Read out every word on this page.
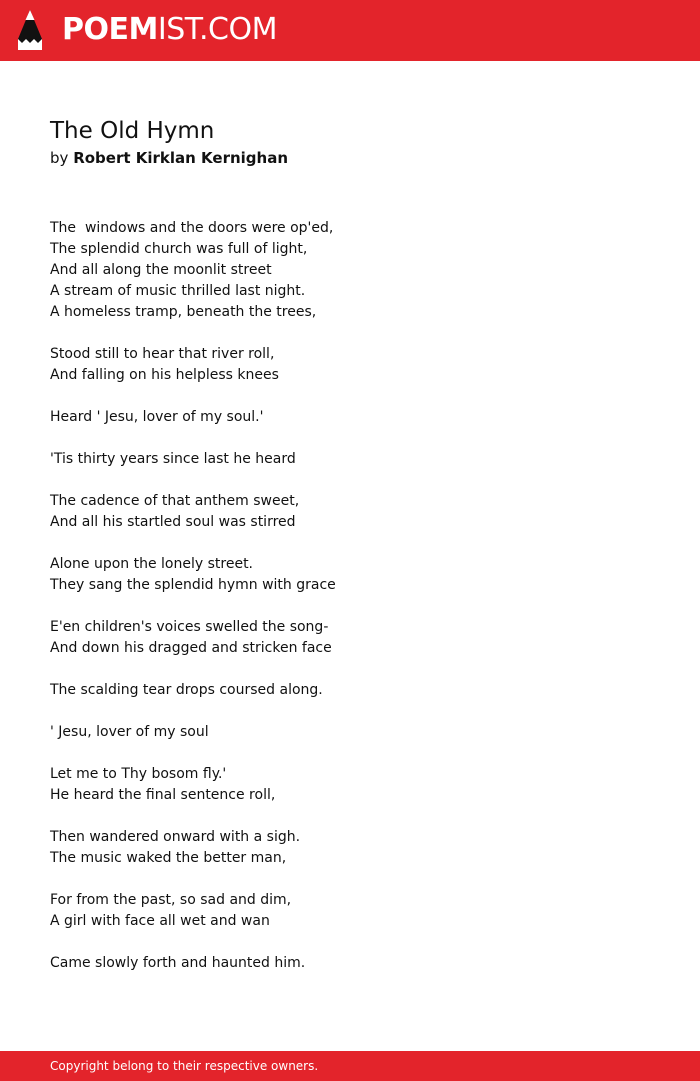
POEMIST.COM
The Old Hymn
by Robert Kirklan Kernighan
The  windows and the doors were op'ed,
The splendid church was full of light,
And all along the moonlit street
A stream of music thrilled last night.
A homeless tramp, beneath the trees,
Stood still to hear that river roll,
And falling on his helpless knees
Heard ' Jesu, lover of my soul.'
'Tis thirty years since last he heard
The cadence of that anthem sweet,
And all his startled soul was stirred
Alone upon the lonely street.
They sang the splendid hymn with grace
E'en children's voices swelled the song-
And down his dragged and stricken face
The scalding tear drops coursed along.
' Jesu, lover of my soul
Let me to Thy bosom fly.'
He heard the final sentence roll,
Then wandered onward with a sigh.
The music waked the better man,
For from the past, so sad and dim,
A girl with face all wet and wan
Came slowly forth and haunted him.
Copyright belong to their respective owners.
